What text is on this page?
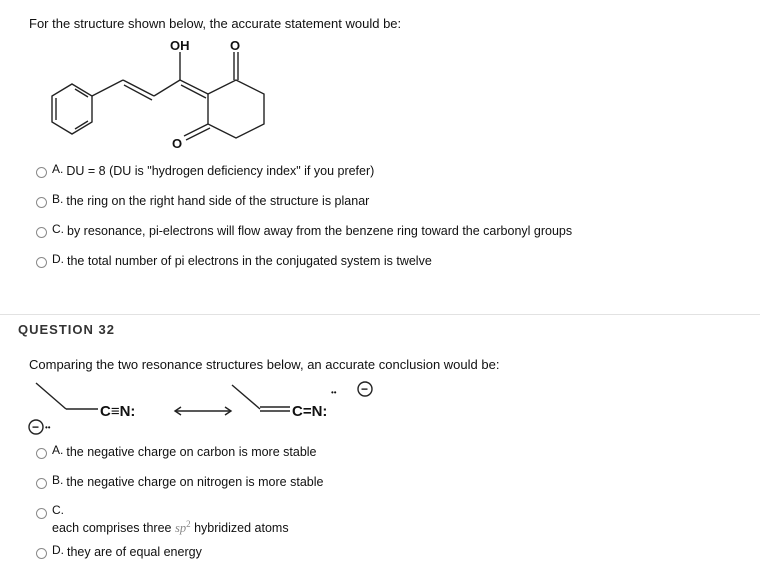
For the structure shown below, the accurate statement would be:
OH	O
O
A. DU = 8 (DU is "hydrogen deficiency index" if you prefer)
B. the ring on the right hand side of the structure is planar
C. by resonance, pi-electrons will flow away from the benzene ring toward the carbonyl groups
D. the total number of pi electrons in the conjugated system is twelve
QUESTION 32
Comparing the two resonance structures below, an accurate conclusion would be:
C≡N:	C=N:
•• −
••
−
A. the negative charge on carbon is more stable
B. the negative charge on nitrogen is more stable
C.
each comprises three $sp^2$ hybridized atoms
D. they are of equal energy
